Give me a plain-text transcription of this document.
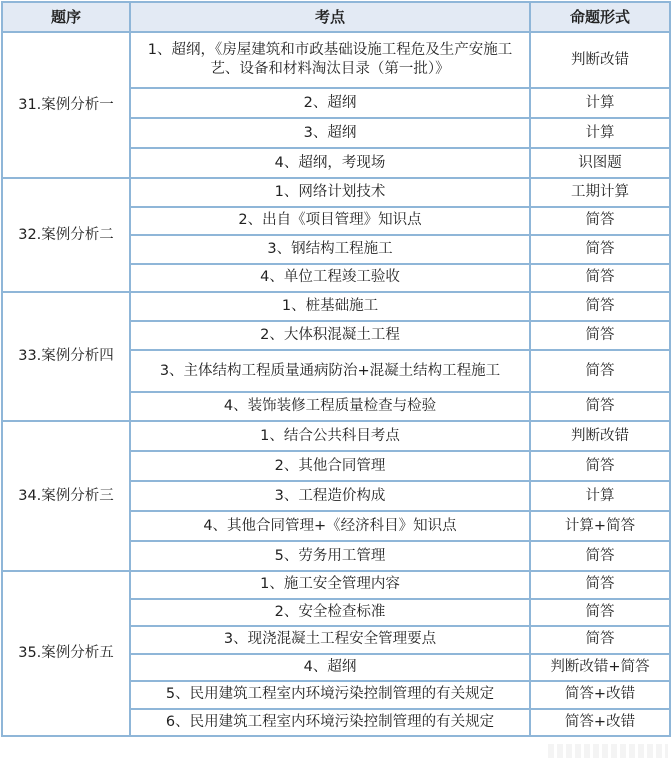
题序	考点	命题形式
31.案例分析一	1、超纲，《房屋建筑和市政基础设施工程危及生产安施工艺、设备和材料淘汰目录（第一批）》	判断改错
	2、超纲	计算
	3、超纲	计算
	4、超纲，考现场	识图题
32.案例分析二	1、网络计划技术	工期计算
	2、出自《项目管理》知识点	简答
	3、钢结构工程施工	简答
	4、单位工程竣工验收	简答
33.案例分析四	1、桩基础施工	简答
	2、大体积混凝土工程	简答
	3、主体结构工程质量通病防治+混凝土结构工程施工	简答
	4、装饰装修工程质量检查与检验	简答
34.案例分析三	1、结合公共科目考点	判断改错
	2、其他合同管理	简答
	3、工程造价构成	计算
	4、其他合同管理+《经济科目》知识点	计算+简答
	5、劳务用工管理	简答
35.案例分析五	1、施工安全管理内容	简答
	2、安全检查标准	简答
	3、现浇混凝土工程安全管理要点	简答
	4、超纲	判断改错+简答
	5、民用建筑工程室内环境污染控制管理的有关规定	简答+改错
	6、民用建筑工程室内环境污染控制管理的有关规定	简答+改错
